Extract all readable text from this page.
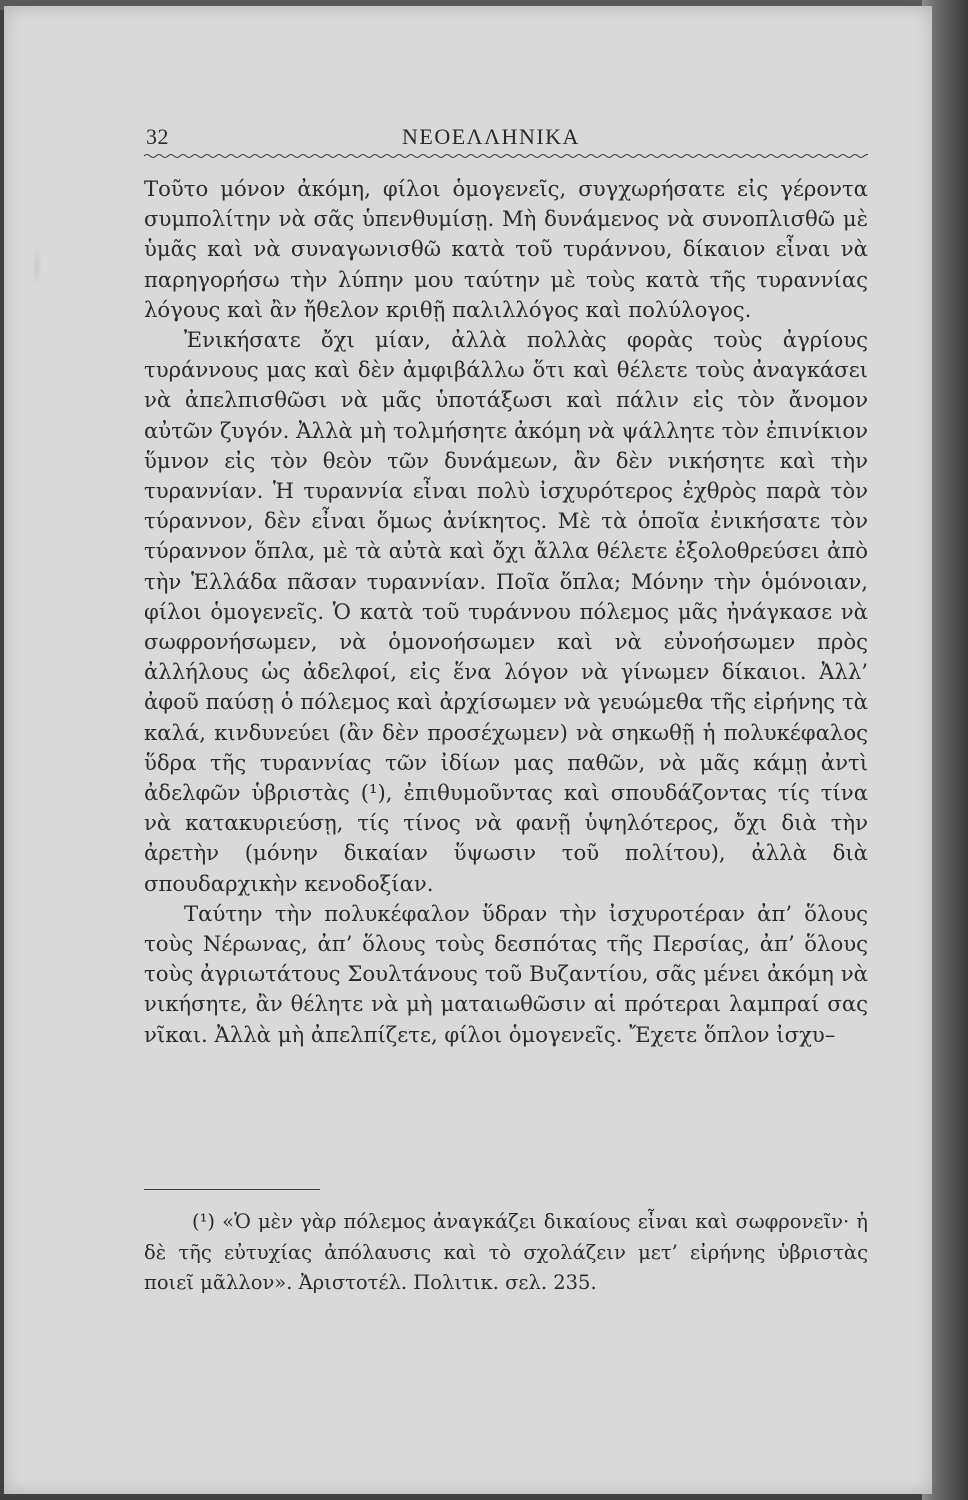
32	ΝΕΟΕΛΛΗΝΙΚΑ

Τοῦτο μόνον ἀκόμη, φίλοι ὁμογενεῖς, συγχωρήσατε εἰς γέροντα συμπολίτην νὰ σᾶς ὑπενθυμίσῃ. Μὴ δυνάμενος νὰ συνοπλισθῶ μὲ ὑμᾶς καὶ νὰ συναγωνισθῶ κατὰ τοῦ τυράννου, δίκαιον εἶναι νὰ παρηγορήσω τὴν λύπην μου ταύτην μὲ τοὺς κατὰ τῆς τυραννίας λόγους καὶ ἂν ἤθελον κριθῇ παλιλλόγος καὶ πολύλογος.

Ἐνικήσατε ὄχι μίαν, ἀλλὰ πολλὰς φορὰς τοὺς ἀγρίους τυράννους μας καὶ δὲν ἀμφιβάλλω ὅτι καὶ θέλετε τοὺς ἀναγκάσει νὰ ἀπελπισθῶσι νὰ μᾶς ὑποτάξωσι καὶ πάλιν εἰς τὸν ἄνομον αὐτῶν ζυγόν. Ἀλλὰ μὴ τολμήσητε ἀκόμη νὰ ψάλλητε τὸν ἐπινίκιον ὕμνον εἰς τὸν θεὸν τῶν δυνάμεων, ἂν δὲν νικήσητε καὶ τὴν τυραννίαν. Ἡ τυραννία εἶναι πολὺ ἰσχυρότερος ἐχθρὸς παρὰ τὸν τύραννον, δὲν εἶναι ὅμως ἀνίκητος. Μὲ τὰ ὁποῖα ἐνικήσατε τὸν τύραννον ὅπλα, μὲ τὰ αὐτὰ καὶ ὄχι ἄλλα θέλετε ἐξολοθρεύσει ἀπὸ τὴν Ἑλλάδα πᾶσαν τυραννίαν. Ποῖα ὅπλα; Μόνην τὴν ὁμόνοιαν, φίλοι ὁμογενεῖς. Ὁ κατὰ τοῦ τυράννου πόλεμος μᾶς ἠνάγκασε νὰ σωφρονήσωμεν, νὰ ὁμονοήσωμεν καὶ νὰ εὐνοήσωμεν πρὸς ἀλλήλους ὡς ἀδελφοί, εἰς ἕνα λόγον νὰ γίνωμεν δίκαιοι. Ἀλλ’ ἀφοῦ παύσῃ ὁ πόλεμος καὶ ἀρχίσωμεν νὰ γευώμεθα τῆς εἰρήνης τὰ καλά, κινδυνεύει (ἂν δὲν προσέχωμεν) νὰ σηκωθῇ ἡ πολυκέφαλος ὕδρα τῆς τυραννίας τῶν ἰδίων μας παθῶν, νὰ μᾶς κάμῃ ἀντὶ ἀδελφῶν ὑβριστὰς (¹), ἐπιθυμοῦντας καὶ σπουδάζοντας τίς τίνα νὰ κατακυριεύσῃ, τίς τίνος νὰ φανῇ ὑψηλότερος, ὄχι διὰ τὴν ἀρετὴν (μόνην δικαίαν ὕψωσιν τοῦ πολίτου), ἀλλὰ διὰ σπουδαρχικὴν κενοδοξίαν.

Ταύτην τὴν πολυκέφαλον ὕδραν τὴν ἰσχυροτέραν ἀπ’ ὅλους τοὺς Νέρωνας, ἀπ’ ὅλους τοὺς δεσπότας τῆς Περσίας, ἀπ’ ὅλους τοὺς ἀγριωτάτους Σουλτάνους τοῦ Βυζαντίου, σᾶς μένει ἀκόμη νὰ νικήσητε, ἂν θέλητε νὰ μὴ ματαιωθῶσιν αἱ πρότεραι λαμπραί σας νῖκαι. Ἀλλὰ μὴ ἀπελπίζετε, φίλοι ὁμογενεῖς. Ἔχετε ὅπλον ἰσχυ–

(¹) «Ὁ μὲν γὰρ πόλεμος ἀναγκάζει δικαίους εἶναι καὶ σωφρονεῖν· ἡ δὲ τῆς εὐτυχίας ἀπόλαυσις καὶ τὸ σχολάζειν μετ’ εἰρήνης ὑβριστὰς ποιεῖ μᾶλλον». Ἀριστοτέλ. Πολιτικ. σελ. 235.
